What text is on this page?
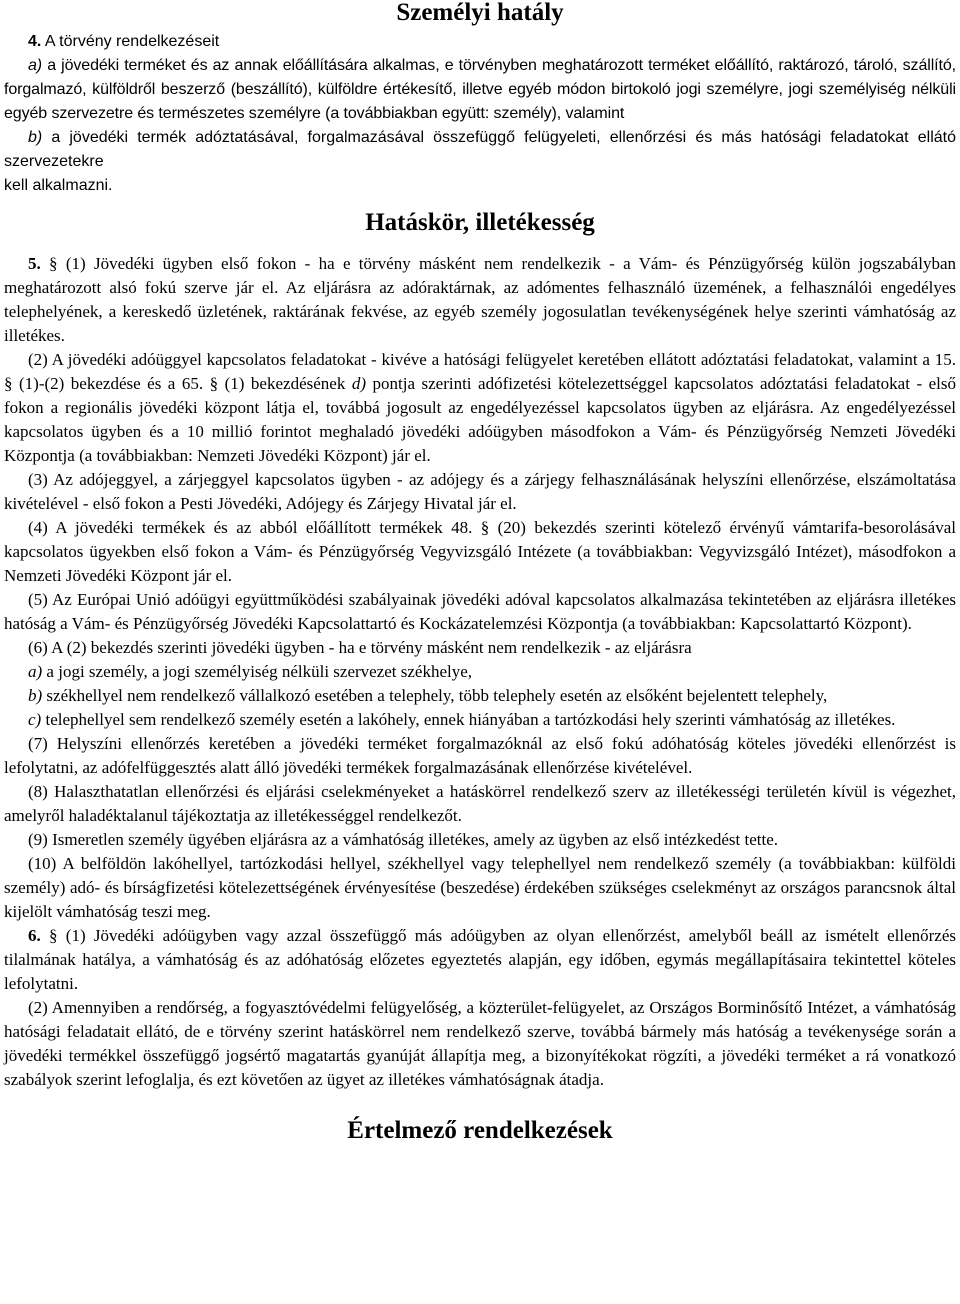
Személyi hatály

4. A törvény rendelkezéseit

a) a jövedéki terméket és az annak előállítására alkalmas, e törvényben meghatározott terméket előállító, raktározó, tároló, szállító, forgalmazó, külföldről beszerző (beszállító), külföldre értékesítő, illetve egyéb módon birtokoló jogi személyre, jogi személyiség nélküli egyéb szervezetre és természetes személyre (a továbbiakban együtt: személy), valamint

b) a jövedéki termék adóztatásával, forgalmazásával összefüggő felügyeleti, ellenőrzési és más hatósági feladatokat ellátó szervezetekre

kell alkalmazni.

Hatáskör, illetékesség

5. § (1) Jövedéki ügyben első fokon - ha e törvény másként nem rendelkezik - a Vám- és Pénzügyőrség külön jogszabályban meghatározott alsó fokú szerve jár el. Az eljárásra az adóraktárnak, az adómentes felhasználó üzemének, a felhasználói engedélyes telephelyének, a kereskedő üzletének, raktárának fekvése, az egyéb személy jogosulatlan tevékenységének helye szerinti vámhatóság az illetékes.

(2) A jövedéki adóüggyel kapcsolatos feladatokat - kivéve a hatósági felügyelet keretében ellátott adóztatási feladatokat, valamint a 15. § (1)-(2) bekezdése és a 65. § (1) bekezdésének d) pontja szerinti adófizetési kötelezettséggel kapcsolatos adóztatási feladatokat - első fokon a regionális jövedéki központ látja el, továbbá jogosult az engedélyezéssel kapcsolatos ügyben az eljárásra. Az engedélyezéssel kapcsolatos ügyben és a 10 millió forintot meghaladó jövedéki adóügyben másodfokon a Vám- és Pénzügyőrség Nemzeti Jövedéki Központja (a továbbiakban: Nemzeti Jövedéki Központ) jár el.

(3) Az adójeggyel, a zárjeggyel kapcsolatos ügyben - az adójegy és a zárjegy felhasználásának helyszíni ellenőrzése, elszámoltatása kivételével - első fokon a Pesti Jövedéki, Adójegy és Zárjegy Hivatal jár el.

(4) A jövedéki termékek és az abból előállított termékek 48. § (20) bekezdés szerinti kötelező érvényű vámtarifa-besorolásával kapcsolatos ügyekben első fokon a Vám- és Pénzügyőrség Vegyvizsgáló Intézete (a továbbiakban: Vegyvizsgáló Intézet), másodfokon a Nemzeti Jövedéki Központ jár el.

(5) Az Európai Unió adóügyi együttműködési szabályainak jövedéki adóval kapcsolatos alkalmazása tekintetében az eljárásra illetékes hatóság a Vám- és Pénzügyőrség Jövedéki Kapcsolattartó és Kockázatelemzési Központja (a továbbiakban: Kapcsolattartó Központ).

(6) A (2) bekezdés szerinti jövedéki ügyben - ha e törvény másként nem rendelkezik - az eljárásra

a) a jogi személy, a jogi személyiség nélküli szervezet székhelye,

b) székhellyel nem rendelkező vállalkozó esetében a telephely, több telephely esetén az elsőként bejelentett telephely,

c) telephellyel sem rendelkező személy esetén a lakóhely, ennek hiányában a tartózkodási hely szerinti vámhatóság az illetékes.

(7) Helyszíni ellenőrzés keretében a jövedéki terméket forgalmazóknál az első fokú adóhatóság köteles jövedéki ellenőrzést is lefolytatni, az adófelfüggesztés alatt álló jövedéki termékek forgalmazásának ellenőrzése kivételével.

(8) Halaszthatatlan ellenőrzési és eljárási cselekményeket a hatáskörrel rendelkező szerv az illetékességi területén kívül is végezhet, amelyről haladéktalanul tájékoztatja az illetékességgel rendelkezőt.

(9) Ismeretlen személy ügyében eljárásra az a vámhatóság illetékes, amely az ügyben az első intézkedést tette.

(10) A belföldön lakóhellyel, tartózkodási hellyel, székhellyel vagy telephellyel nem rendelkező személy (a továbbiakban: külföldi személy) adó- és bírságfizetési kötelezettségének érvényesítése (beszedése) érdekében szükséges cselekményt az országos parancsnok által kijelölt vámhatóság teszi meg.

6. § (1) Jövedéki adóügyben vagy azzal összefüggő más adóügyben az olyan ellenőrzést, amelyből beáll az ismételt ellenőrzés tilalmának hatálya, a vámhatóság és az adóhatóság előzetes egyeztetés alapján, egy időben, egymás megállapításaira tekintettel köteles lefolytatni.

(2) Amennyiben a rendőrség, a fogyasztóvédelmi felügyelőség, a közterület-felügyelet, az Országos Borminősítő Intézet, a vámhatóság hatósági feladatait ellátó, de e törvény szerint hatáskörrel nem rendelkező szerve, továbbá bármely más hatóság a tevékenysége során a jövedéki termékkel összefüggő jogsértő magatartás gyanúját állapítja meg, a bizonyítékokat rögzíti, a jövedéki terméket a rá vonatkozó szabályok szerint lefoglalja, és ezt követően az ügyet az illetékes vámhatóságnak átadja.

Értelmező rendelkezések
